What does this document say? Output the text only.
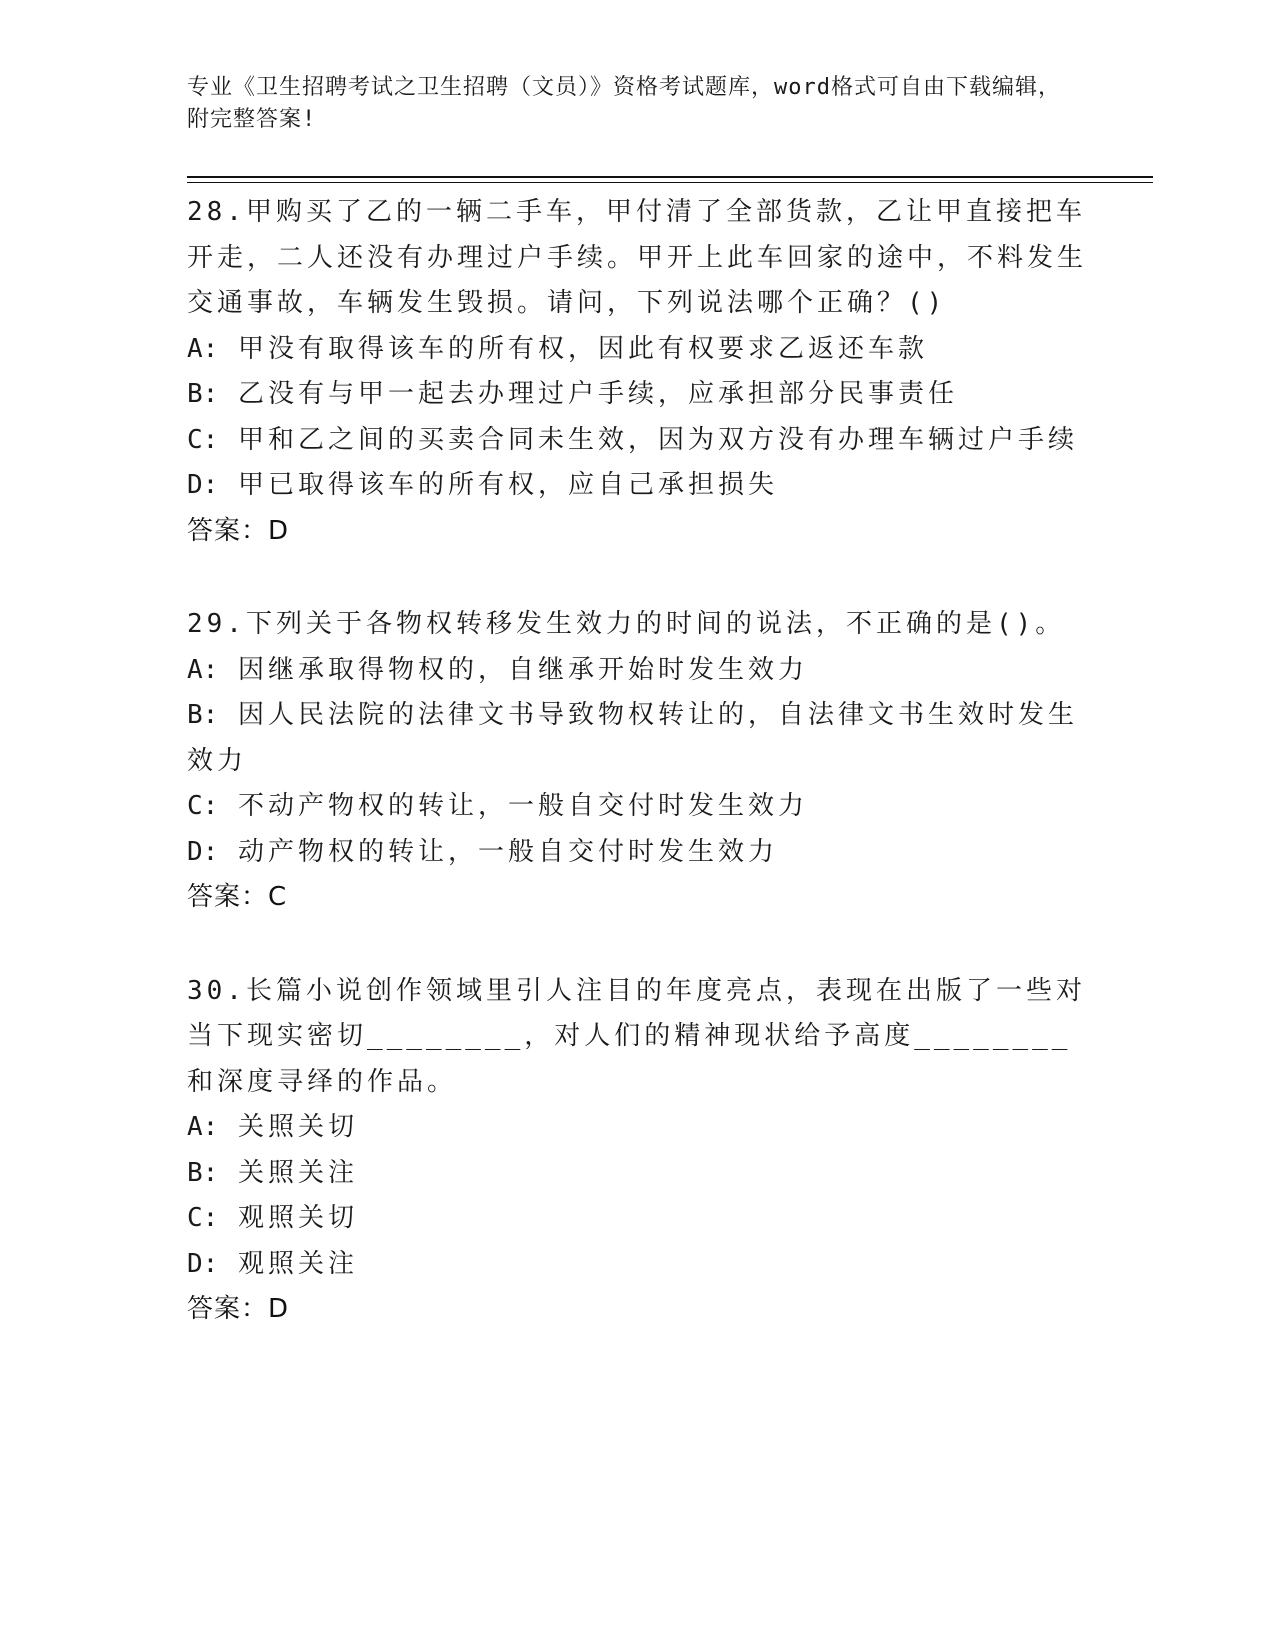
专业《卫生招聘考试之卫生招聘（文员）》资格考试题库，word格式可自由下载编辑，附完整答案!
28.甲购买了乙的一辆二手车，甲付清了全部货款，乙让甲直接把车开走，二人还没有办理过户手续。甲开上此车回家的途中，不料发生交通事故，车辆发生毁损。请问，下列说法哪个正确？()
A: 甲没有取得该车的所有权，因此有权要求乙返还车款
B: 乙没有与甲一起去办理过户手续，应承担部分民事责任
C: 甲和乙之间的买卖合同未生效，因为双方没有办理车辆过户手续
D: 甲已取得该车的所有权，应自己承担损失
答案：D
29.下列关于各物权转移发生效力的时间的说法，不正确的是()。
A: 因继承取得物权的，自继承开始时发生效力
B: 因人民法院的法律文书导致物权转让的，自法律文书生效时发生效力
C: 不动产物权的转让，一般自交付时发生效力
D: 动产物权的转让，一般自交付时发生效力
答案：C
30.长篇小说创作领域里引人注目的年度亮点，表现在出版了一些对当下现实密切________，对人们的精神现状给予高度________和深度寻绎的作品。
A: 关照关切
B: 关照关注
C: 观照关切
D: 观照关注
答案：D
